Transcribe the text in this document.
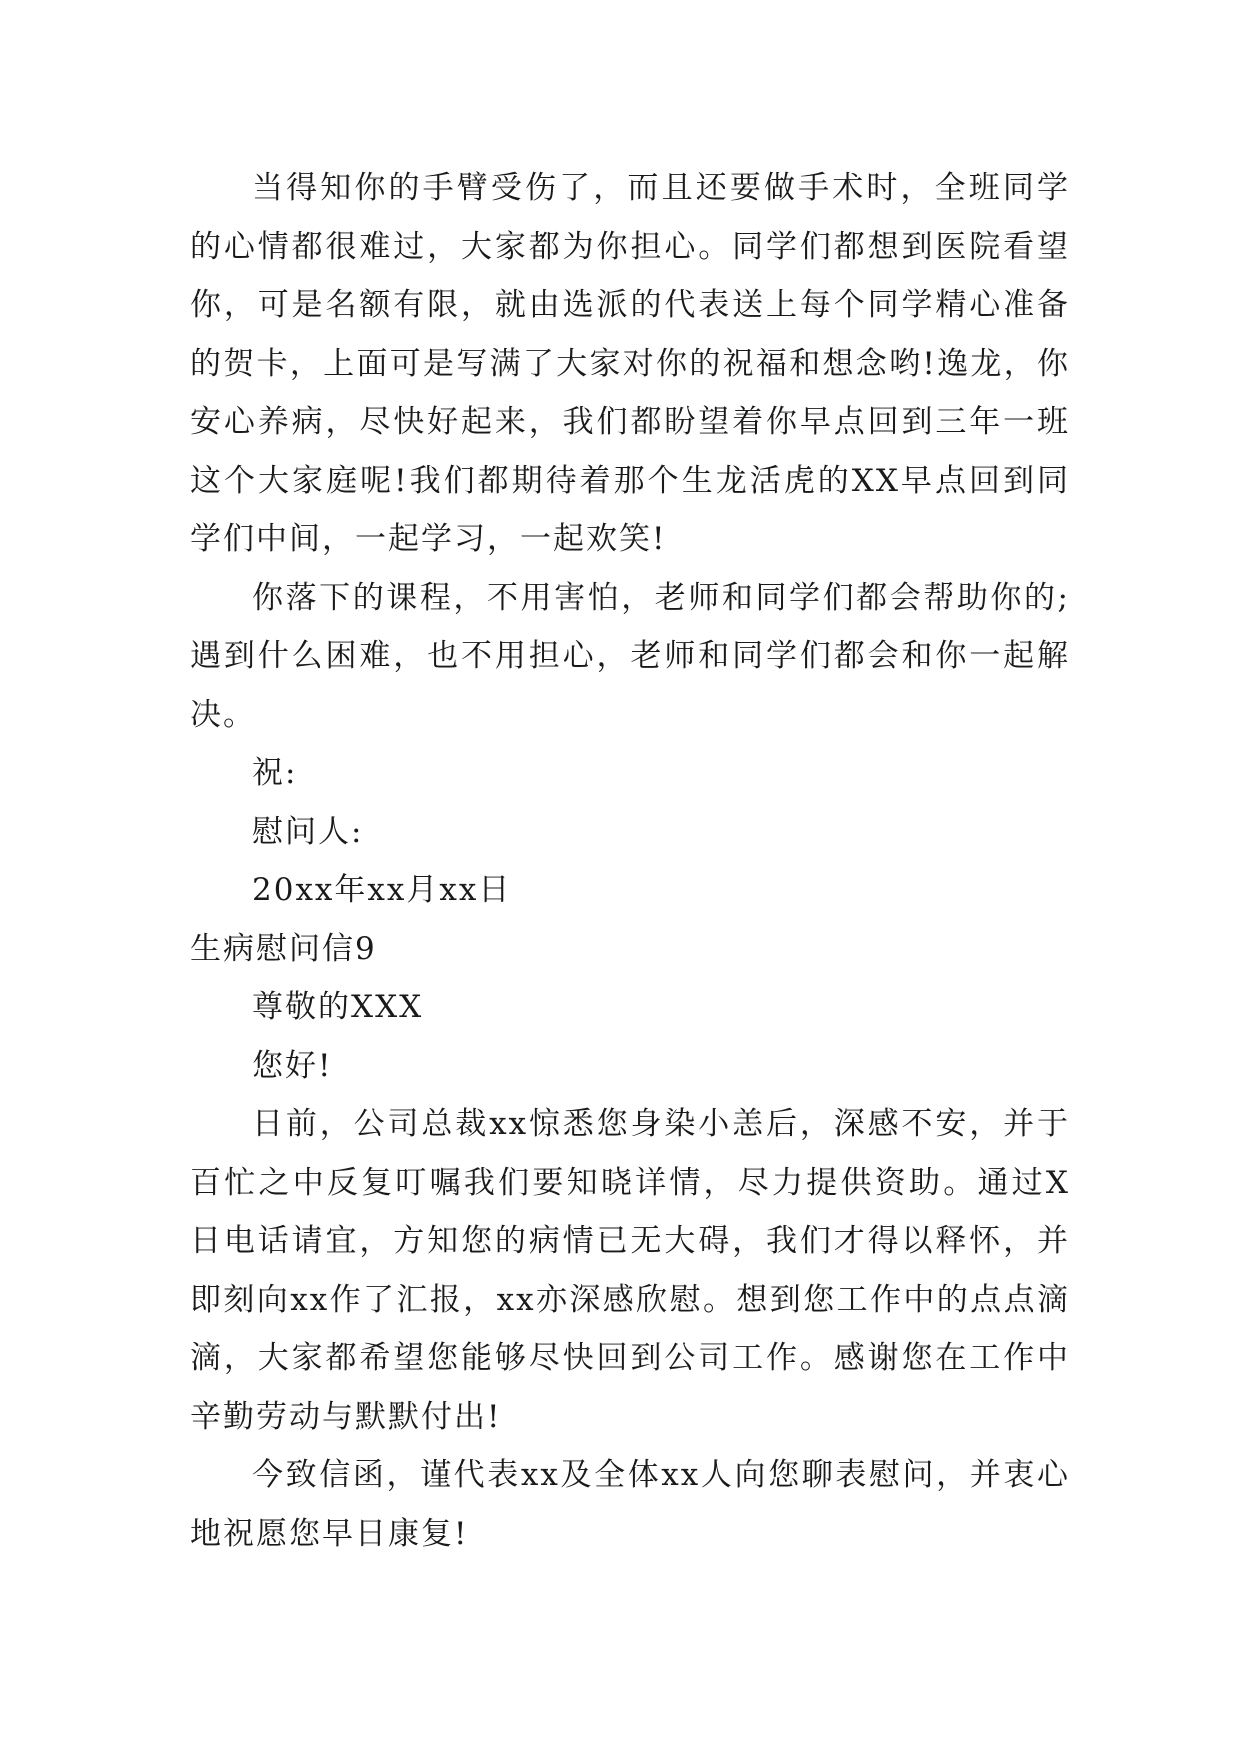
当得知你的手臂受伤了，而且还要做手术时，全班同学的心情都很难过，大家都为你担心。同学们都想到医院看望你，可是名额有限，就由选派的代表送上每个同学精心准备的贺卡，上面可是写满了大家对你的祝福和想念哟!逸龙，你安心养病，尽快好起来，我们都盼望着你早点回到三年一班这个大家庭呢!我们都期待着那个生龙活虎的XX早点回到同学们中间，一起学习，一起欢笑!

你落下的课程，不用害怕，老师和同学们都会帮助你的;遇到什么困难，也不用担心，老师和同学们都会和你一起解决。

祝:

慰问人:

20xx年xx月xx日

生病慰问信9

尊敬的XXX

您好!

日前，公司总裁xx惊悉您身染小恙后，深感不安，并于百忙之中反复叮嘱我们要知晓详情，尽力提供资助。通过X日电话请宜，方知您的病情已无大碍，我们才得以释怀，并即刻向xx作了汇报，xx亦深感欣慰。想到您工作中的点点滴滴，大家都希望您能够尽快回到公司工作。感谢您在工作中辛勤劳动与默默付出!

今致信函，谨代表xx及全体xx人向您聊表慰问，并衷心地祝愿您早日康复!
